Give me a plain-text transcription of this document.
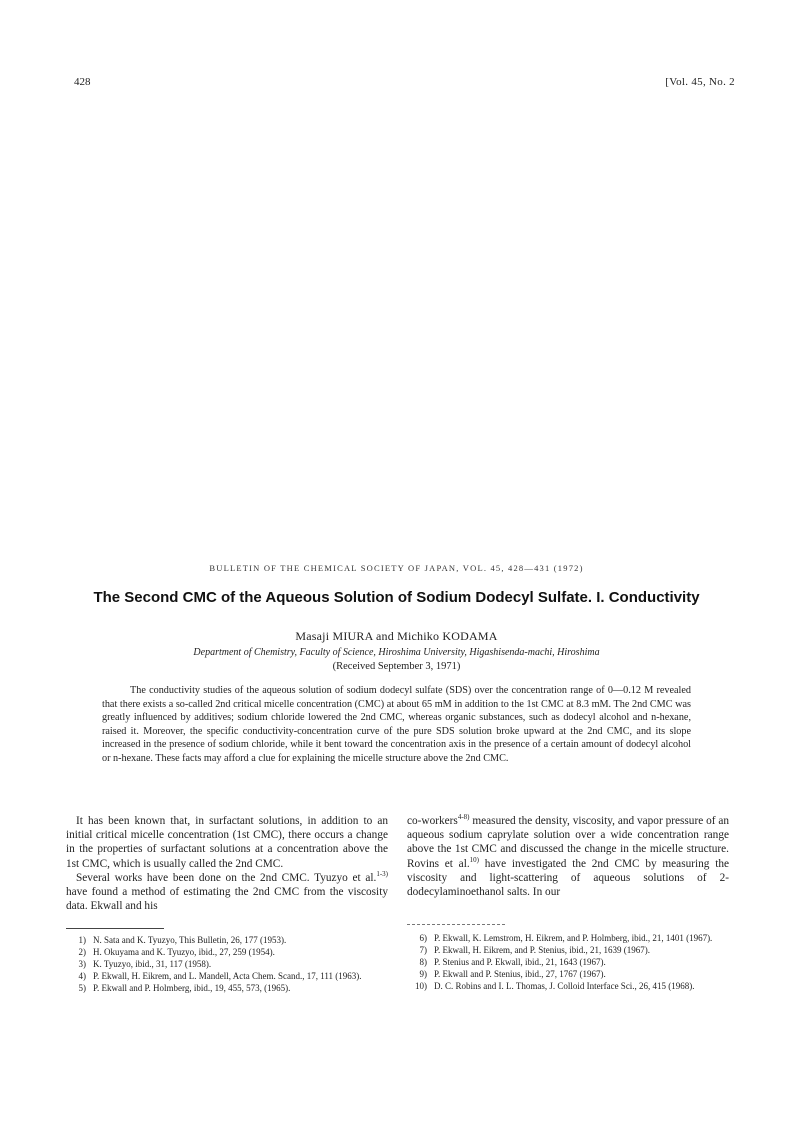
428	[Vol. 45, No. 2
BULLETIN OF THE CHEMICAL SOCIETY OF JAPAN, VOL. 45, 428—431 (1972)
The Second CMC of the Aqueous Solution of Sodium Dodecyl Sulfate. I. Conductivity
Masaji MIURA and Michiko KODAMA
Department of Chemistry, Faculty of Science, Hiroshima University, Higashisenda-machi, Hiroshima
(Received September 3, 1971)

The conductivity studies of the aqueous solution of sodium dodecyl sulfate (SDS) over the concentration range of 0—0.12 M revealed that there exists a so-called 2nd critical micelle concentration (CMC) at about 65 mM in addition to the 1st CMC at 8.3 mM. The 2nd CMC was greatly influenced by additives; sodium chloride lowered the 2nd CMC, whereas organic substances, such as dodecyl alcohol and n-hexane, raised it. Moreover, the specific conductivity-concentration curve of the pure SDS solution broke upward at the 2nd CMC, and its slope increased in the presence of sodium chloride, while it bent toward the concentration axis in the presence of a certain amount of dodecyl alcohol or n-hexane. These facts may afford a clue for explaining the micelle structure above the 2nd CMC.

It has been known that, in surfactant solutions, in addition to an initial critical micelle concentration (1st CMC), there occurs a change in the properties of surfactant solutions at a concentration above the 1st CMC, which is usually called the 2nd CMC.

Several works have been done on the 2nd CMC. Tyuzyo et al.$^{1-3)}$ have found a method of estimating the 2nd CMC from the viscosity data. Ekwall and his

co-workers$^{4-8)}$ measured the density, viscosity, and vapor pressure of an aqueous sodium caprylate solution over a wide concentration range above the 1st CMC and discussed the change in the micelle structure. Rovins et al.$^{10)}$ have investigated the 2nd CMC by measuring the viscosity and light-scattering of aqueous solutions of 2-dodecylaminoethanol salts. In our

1) N. Sata and K. Tyuzyo, This Bulletin, 26, 177 (1953).
2) H. Okuyama and K. Tyuzyo, ibid., 27, 259 (1954).
3) K. Tyuzyo, ibid., 31, 117 (1958).
4) P. Ekwall, H. Eikrem, and L. Mandell, Acta Chem. Scand., 17, 111 (1963).
5) P. Ekwall and P. Holmberg, ibid., 19, 455, 573, (1965).
6) P. Ekwall, K. Lemstrom, H. Eikrem, and P. Holmberg, ibid., 21, 1401 (1967).
7) P. Ekwall, H. Eikrem, and P. Stenius, ibid., 21, 1639 (1967).
8) P. Stenius and P. Ekwall, ibid., 21, 1643 (1967).
9) P. Ekwall and P. Stenius, ibid., 27, 1767 (1967).
10) D. C. Robins and I. L. Thomas, J. Colloid Interface Sci., 26, 415 (1968).
